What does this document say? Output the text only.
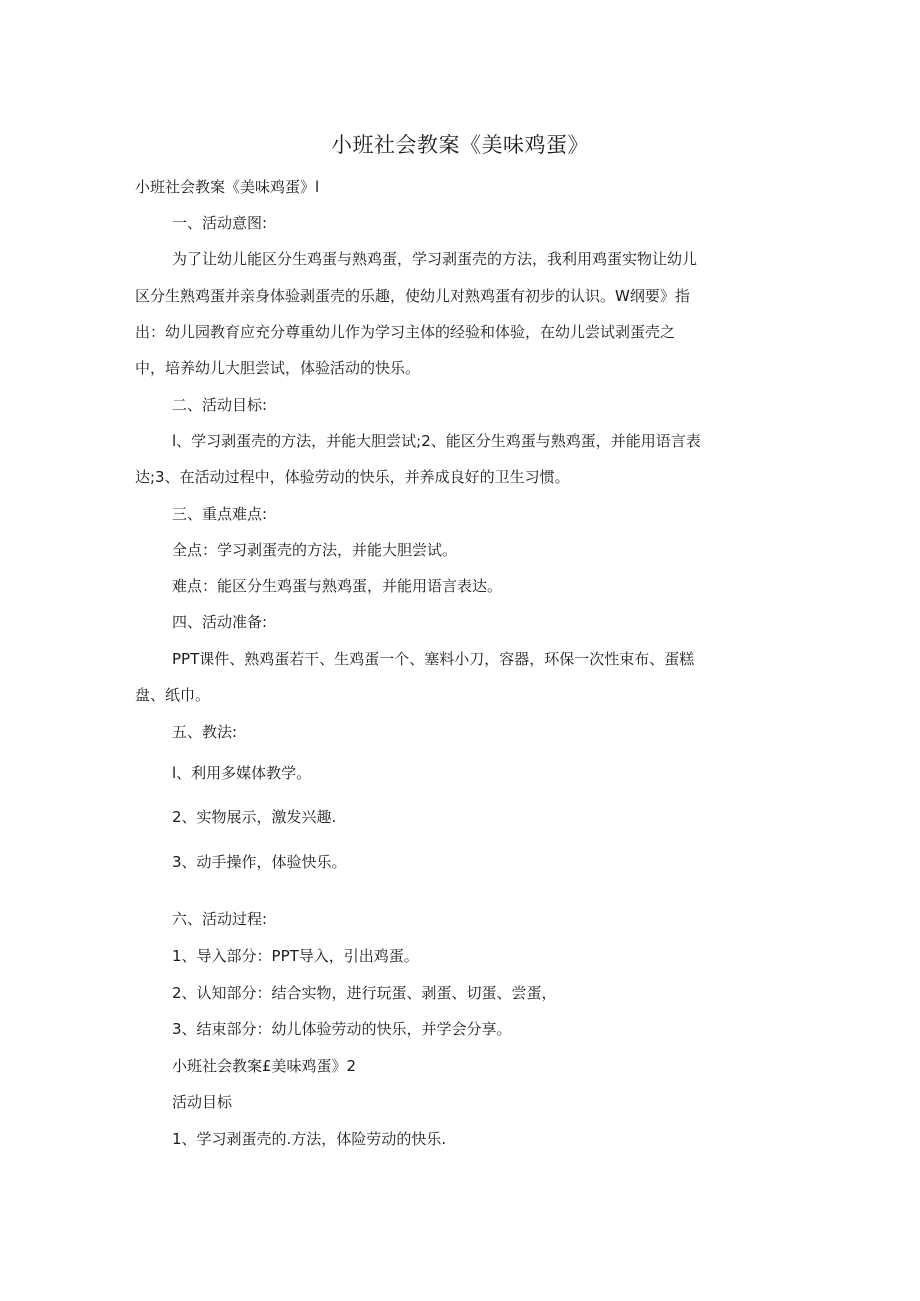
小班社会教案《美味鸡蛋》
小班社会教案《美味鸡蛋》l
一、活动意图:
为了让幼儿能区分生鸡蛋与熟鸡蛋，学习剥蛋壳的方法，我利用鸡蛋实物让幼儿
区分生熟鸡蛋并亲身体验剥蛋壳的乐趣，使幼儿对熟鸡蛋有初步的认识。W纲要》指
出：幼儿园教育应充分尊重幼儿作为学习主体的经验和体验，在幼儿尝试剥蛋壳之
中，培养幼儿大胆尝试，体验活动的快乐。
二、活动目标:
l、学习剥蛋壳的方法，并能大胆尝试;2、能区分生鸡蛋与熟鸡蛋，并能用语言表
达;3、在活动过程中，体验劳动的快乐，并养成良好的卫生习惯。
三、重点难点:
全点：学习剥蛋壳的方法，并能大胆尝试。
难点：能区分生鸡蛋与熟鸡蛋，并能用语言表达。
四、活动准备:
PPT课件、熟鸡蛋若干、生鸡蛋一个、塞料小刀，容器，环保一次性束布、蛋糕
盘、纸巾。
五、教法:
l、利用多媒体教学。
2、实物展示，激发兴趣.
3、动手操作，体验快乐。
六、活动过程:
1、导入部分：PPT导入，引出鸡蛋。
2、认知部分：结合实物，进行玩蛋、剥蛋、切蛋、尝蛋，
3、结束部分：幼儿体验劳动的快乐，并学会分享。
小班社会教案£美味鸡蛋》2
活动目标
1、学习剥蛋壳的.方法，体险劳动的快乐.
